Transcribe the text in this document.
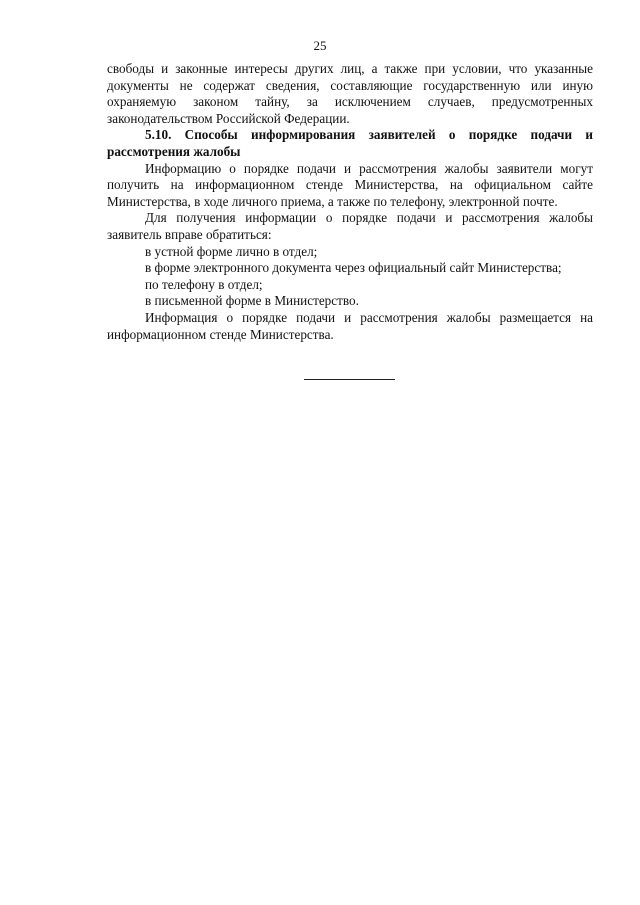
25

свободы и законные интересы других лиц, а также при условии, что указанные документы не содержат сведения, составляющие государственную или иную охраняемую законом тайну, за исключением случаев, предусмотренных законодательством Российской Федерации.

5.10. Способы информирования заявителей о порядке подачи и рассмотрения жалобы

Информацию о порядке подачи и рассмотрения жалобы заявители могут получить на информационном стенде Министерства, на официальном сайте Министерства, в ходе личного приема, а также по телефону, электронной почте.

Для получения информации о порядке подачи и рассмотрения жалобы заявитель вправе обратиться:

в устной форме лично в отдел;

в форме электронного документа через официальный сайт Министерства;

по телефону в отдел;

в письменной форме в Министерство.

Информация о порядке подачи и рассмотрения жалобы размещается на информационном стенде Министерства.
